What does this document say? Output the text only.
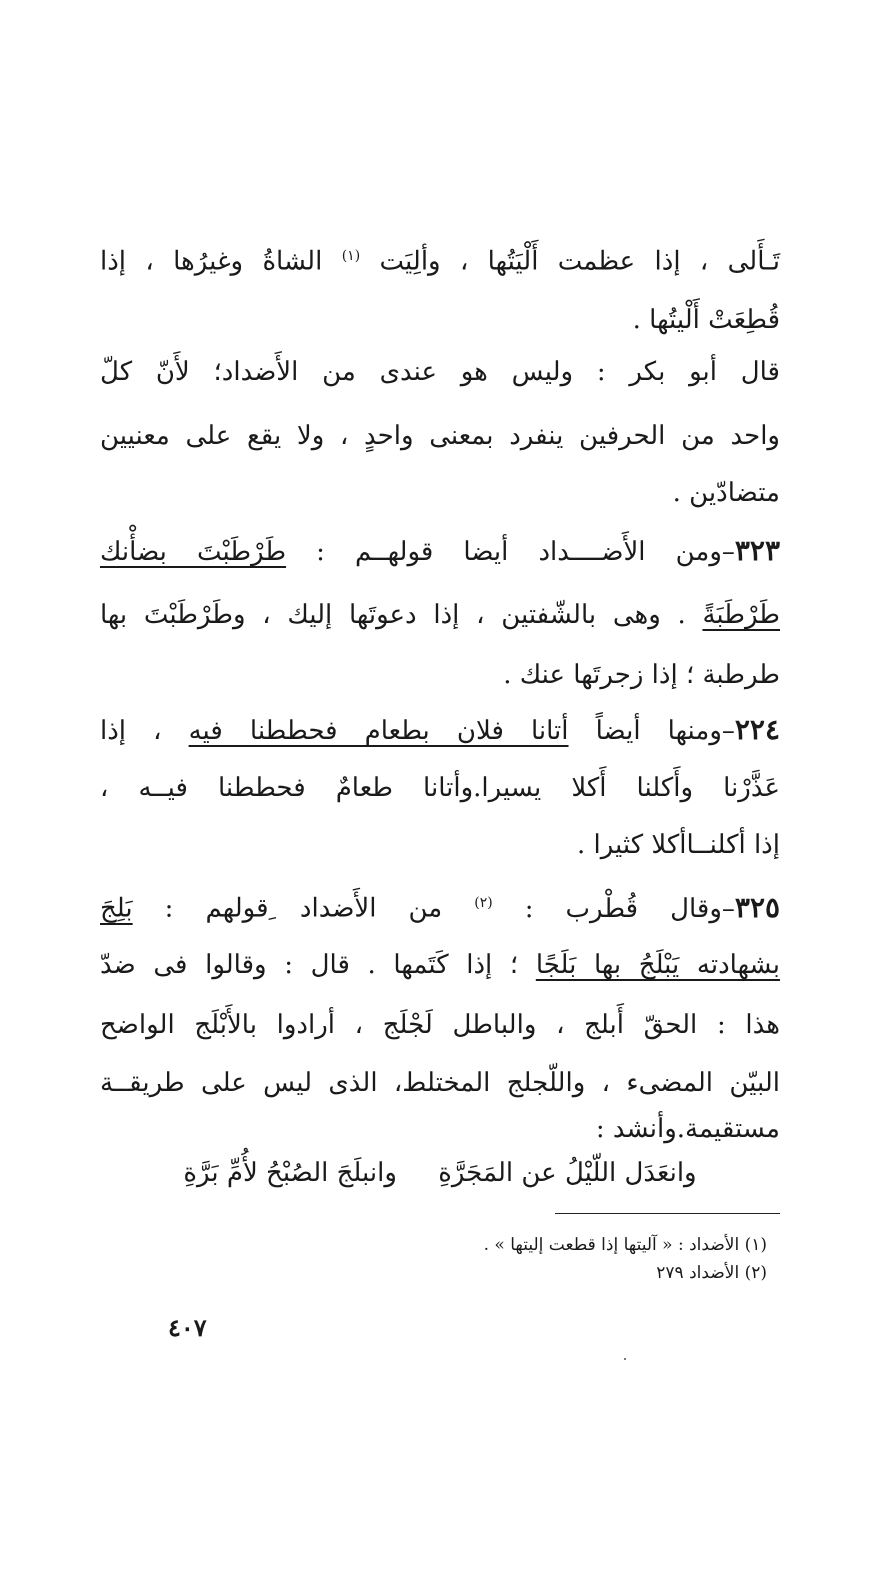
تَـأَلى ، إذا عظمت أَلْيَتُها ، وألِيَت $^{(١)}$ الشاةُ وغيرُها ، إذا
قُطِعَتْ أَلْيتُها .
قال أبو بكر : وليس هو عندى من الأَضداد؛ لأَنّ كلّ
واحد من الحرفين ينفرد بمعنى واحدٍ ، ولا يقع على معنيين
متضادّين .
٣٢٣–ومن الأَضــــداد أيضا قولهــم : طَرْطَبْتَ بضأْنك
طَرْطَبَةً . وهى بالشّفتين ، إذا دعوتَها إليك ، وطَرْطَبْتَ بها
طرطبة ؛ إذا زجرتَها عنك .
٢٢٤–ومنها أيضاً أتانا فلان بطعام فحططنا فيه ، إذا
عَذَّرْنا وأَكلنا أَكلا يسيرا.وأتانا طعامٌ فحططنا فيــه ،
إذا أكلنــاأكلا كثيرا .
٣٢٥–وقال قُطْرب : $^{(٢)}$ من الأَضداد ِقولهم : بَلِجَ
بشهادته يَبْلَجُ بها بَلَجًا ؛ إذا كَتَمها . قال : وقالوا فى ضدّ
هذا : الحقّ أَبلج ، والباطل لَجْلَج ، أرادوا بالأَبْلَج الواضح
البيّن المضىء ، واللّجلج المختلط، الذى ليس على طريقــة
مستقيمة.وأنشد :
وانعَدَل اللّيْلُ عن المَجَرَّةِ     وانبلَجَ الصُبْحُ لأُمِّ بَرَّةِ
(١) الأضداد : « آليتها إذا قطعت إليتها » .
(٢) الأضداد ٢٧٩
٤٠٧
